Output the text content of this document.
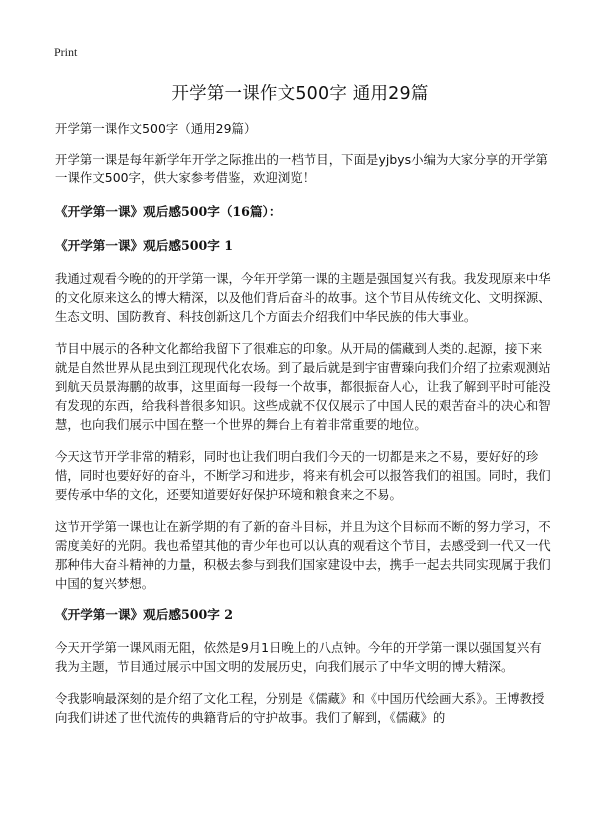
Print
开学第一课作文500字 通用29篇

开学第一课作文500字（通用29篇）

开学第一课是每年新学年开学之际推出的一档节目，下面是yjbys小编为大家分享的开学第一课作文500字，供大家参考借鉴，欢迎浏览！

《开学第一课》观后感500字（16篇）：
《开学第一课》观后感500字 1

我通过观看今晚的的开学第一课，今年开学第一课的主题是强国复兴有我。我发现原来中华的文化原来这么的博大精深，以及他们背后奋斗的故事。这个节目从传统文化、文明探源、生态文明、国防教育、科技创新这几个方面去介绍我们中华民族的伟大事业。

节目中展示的各种文化都给我留下了很难忘的印象。从开局的儒藏到人类的.起源，接下来就是自然世界从昆虫到江现现代化农场。到了最后就是到宇宙曹臻向我们介绍了拉索观测站到航天员景海鹏的故事，这里面每一段每一个故事，都很振奋人心，让我了解到平时可能没有发现的东西，给我科普很多知识。这些成就不仅仅展示了中国人民的艰苦奋斗的决心和智慧，也向我们展示中国在整一个世界的舞台上有着非常重要的地位。

今天这节开学非常的精彩，同时也让我们明白我们今天的一切都是来之不易，要好好的珍惜，同时也要好好的奋斗，不断学习和进步，将来有机会可以报答我们的祖国。同时，我们要传承中华的文化，还要知道要好好保护环境和粮食来之不易。

这节开学第一课也让在新学期的有了新的奋斗目标，并且为这个目标而不断的努力学习，不需度美好的光阴。我也希望其他的青少年也可以认真的观看这个节目，去感受到一代又一代那种伟大奋斗精神的力量，积极去参与到我们国家建设中去，携手一起去共同实现属于我们中国的复兴梦想。

《开学第一课》观后感500字 2

今天开学第一课风雨无阻，依然是9月1日晚上的八点钟。今年的开学第一课以强国复兴有我为主题，节目通过展示中国文明的发展历史，向我们展示了中华文明的博大精深。

令我影响最深刻的是介绍了文化工程，分别是《儒藏》和《中国历代绘画大系》。王博教授向我们讲述了世代流传的典籍背后的守护故事。我们了解到，《儒藏》的
